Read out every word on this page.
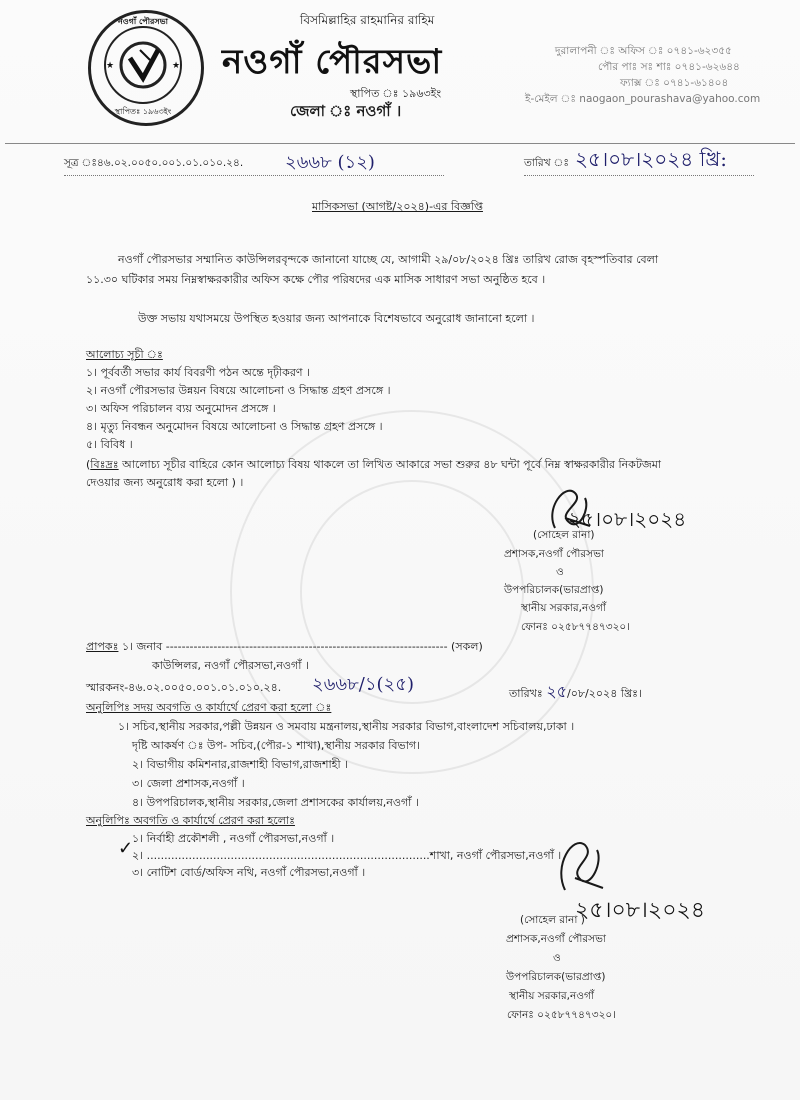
নওগাঁ পৌরসভা
স্থাপিতঃ ১৯৬৩ইং
★	★
বিসমিল্লাহির রাহমানির রাহিম
নওগাঁ পৌরসভা
স্থাপিত ঃ ১৯৬৩ইং
জেলা ঃ নওগাঁ ।
দুরালাপনী ঃ অফিস ঃ ০৭৪১-৬২৩৫৫
পৌর পাঃ সঃ শাঃ ০৭৪১-৬২৬৪৪
ফ্যাক্স ঃ ০৭৪১-৬১৪০৪
ই-মেইল ঃ naogaon_pourashava@yahoo.com
সূত্র ঃ৪৬.০২.০০৫০.০০১.০১.০১০.২৪. ২৬৬৮ (১২)	তারিখ ঃ ২৫।০৮।২০২৪ খ্রি:
মাসিকসভা (আগষ্ট/২০২৪)-এর বিজ্ঞপ্তি
নওগাঁ পৌরসভার সম্মানিত কাউন্সিলরবৃন্দকে জানানো যাচ্ছে যে, আগামী ২৯/০৮/২০২৪ খ্রিঃ তারিখ রোজ বৃহস্পতিবার বেলা
১১.৩০ ঘটিকার সময় নিম্নস্বাক্ষরকারীর অফিস কক্ষে পৌর পরিষদের এক মাসিক সাধারণ সভা অনুষ্ঠিত হবে ।
উক্ত সভায় যথাসময়ে উপস্থিত হওয়ার জন্য আপনাকে বিশেষভাবে অনুরোধ জানানো হলো ।
আলোচ্য সূচী ঃ
১। পূর্ববর্তী সভার কার্য বিবরণী পঠন অন্তে দৃঢ়ীকরণ ।
২। নওগাঁ পৌরসভার উন্নয়ন বিষয়ে আলোচনা ও সিদ্ধান্ত গ্রহণ প্রসঙ্গে ।
৩। অফিস পরিচালন ব্যয় অনুমোদন প্রসঙ্গে ।
৪। মৃত্যু নিবন্ধন অনুমোদন বিষয়ে আলোচনা ও সিদ্ধান্ত গ্রহণ প্রসঙ্গে ।
৫। বিবিধ ।
(বিঃদ্রঃ আলোচ্য সূচীর বাহিরে কোন আলোচ্য বিষয় থাকলে তা লিখিত আকারে সভা শুরুর ৪৮ ঘন্টা পূর্বে নিম্ন স্বাক্ষরকারীর নিকটজমা
দেওয়ার জন্য অনুরোধ করা হলো ) ।
২৫।০৮।২০২৪
(সোহেল রানা)
প্রশাসক,নওগাঁ পৌরসভা
ও
উপপরিচালক(ভারপ্রাপ্ত)
স্থানীয় সরকার,নওগাঁ
ফোনঃ ০২৫৮৭৭৪৭৩২০।
প্রাপকঃ ১। জনাব ----------------------------------------------------------------------- (সকল)
কাউন্সিলর, নওগাঁ পৌরসভা,নওগাঁ ।
স্মারকনং-৪৬.০২.০০৫০.০০১.০১.০১০.২৪. ২৬৬৮/১(২৫)	তারিখঃ ২৫/০৮/২০২৪ খ্রিঃ।
অনুলিপিঃ সদয় অবগতি ও কার্যার্থে প্রেরণ করা হলো ঃ
১। সচিব,স্থানীয় সরকার,পল্লী উন্নয়ন ও সমবায় মন্ত্রনালয়,স্থানীয় সরকার বিভাগ,বাংলাদেশ সচিবালয়,ঢাকা ।
দৃষ্টি আকর্ষণ ঃ উপ- সচিব,(পৌর-১ শাখা),স্থানীয় সরকার বিভাগ।
২। বিভাগীয় কমিশনার,রাজশাহী বিভাগ,রাজশাহী ।
৩। জেলা প্রশাসক,নওগাঁ ।
৪। উপপরিচালক,স্থানীয় সরকার,জেলা প্রশাসকের কার্যালয়,নওগাঁ ।
অনুলিপিঃ অবগতি ও কার্যার্থে প্রেরণ করা হলোঃ
১। নির্বাহী প্রকৌশলী , নওগাঁ পৌরসভা,নওগাঁ ।
✓
২। .................................................................................শাখা, নওগাঁ পৌরসভা,নওগাঁ ।
৩। নোটিশ বোর্ড/অফিস নথি, নওগাঁ পৌরসভা,নওগাঁ ।
২৫।০৮।২০২৪
(সোহেল রানা )
প্রশাসক,নওগাঁ পৌরসভা
ও
উপপরিচালক(ভারপ্রাপ্ত)
স্থানীয় সরকার,নওগাঁ
ফোনঃ ০২৫৮৭৭৪৭৩২০।
